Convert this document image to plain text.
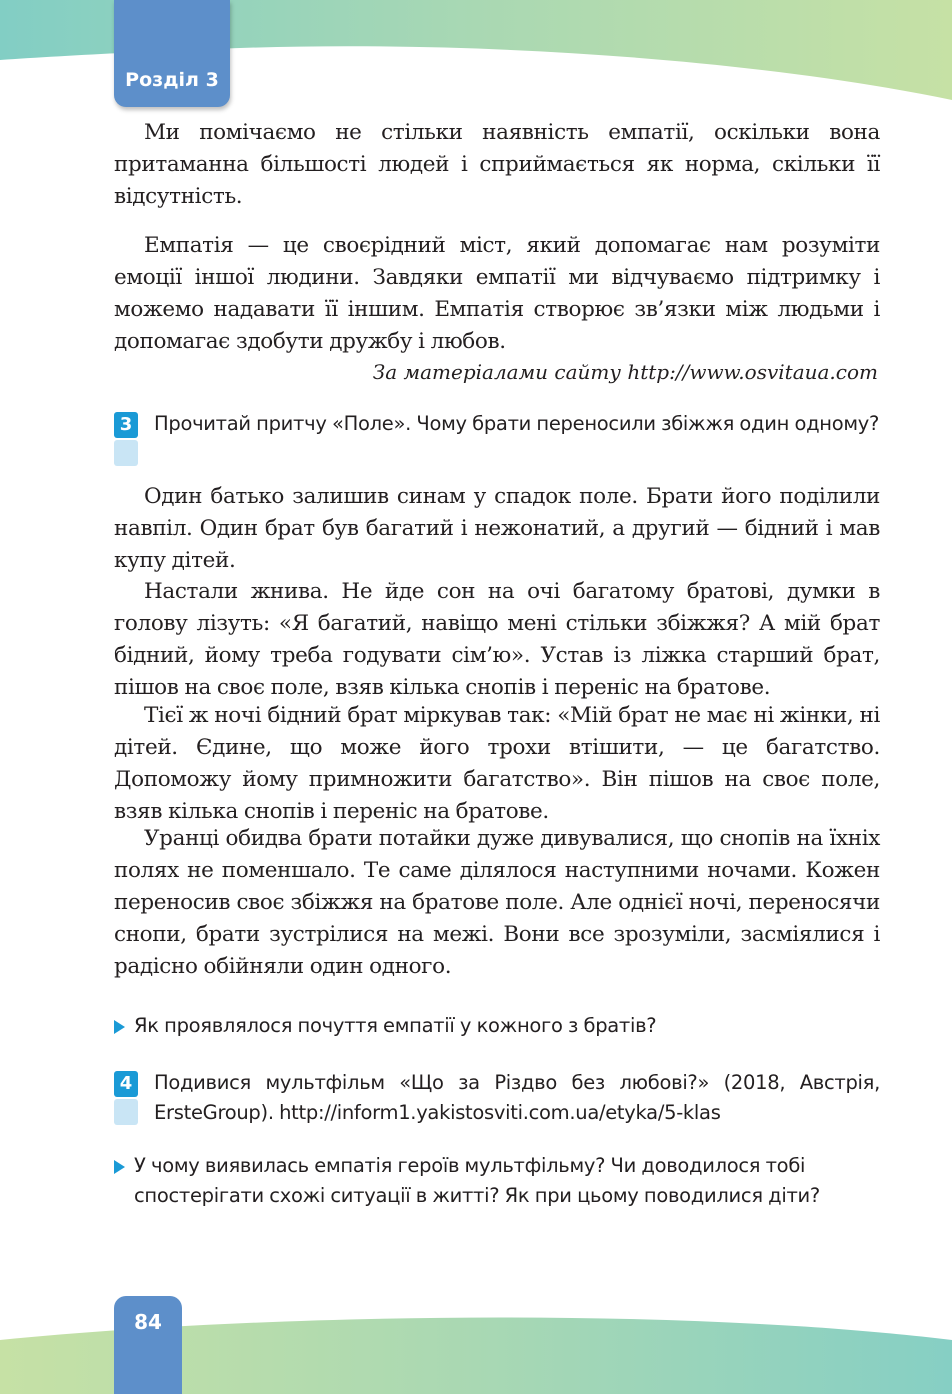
Розділ 3

Ми помічаємо не стільки наявність емпатії, оскільки вона притаманна більшості людей і сприймається як норма, скільки її відсутність.

Емпатія — це своєрідний міст, який допомагає нам розуміти емоції іншої людини. Завдяки емпатії ми відчуваємо підтримку і можемо надавати її іншим. Емпатія створює зв’язки між людьми і допомагає здобути дружбу і любов.

За матеріалами сайту http://www.osvitaua.com
3 Прочитай притчу «Поле». Чому брати переносили збіжжя один одному?

Один батько залишив синам у спадок поле. Брати його поділили навпіл. Один брат був багатий і нежонатий, а другий — бідний і мав купу дітей.

Настали жнива. Не йде сон на очі багатому братові, думки в голову лізуть: «Я багатий, навіщо мені стільки збіжжя? А мій брат бідний, йому треба годувати сім’ю». Устав із ліжка старший брат, пішов на своє поле, взяв кілька снопів і переніс на братове.

Тієї ж ночі бідний брат міркував так: «Мій брат не має ні жінки, ні дітей. Єдине, що може його трохи втішити, — це багатство. Допоможу йому примножити багатство». Він пішов на своє поле, взяв кілька снопів і переніс на братове.

Уранці обидва брати потайки дуже дивувалися, що снопів на їхніх полях не поменшало. Те саме ділялося наступними ночами. Кожен переносив своє збіжжя на братове поле. Але однієї ночі, переносячи снопи, брати зустрілися на межі. Вони все зрозуміли, засміялися і радісно обійняли один одного.

Як проявлялося почуття емпатії у кожного з братів?
4 Подивися мультфільм «Що за Різдво без любові?» (2018, Австрія, ErsteGroup). http://inform1.yakistosviti.com.ua/etyka/5-klas
У чому виявилась емпатія героїв мультфільму? Чи доводилося тобі спостерігати схожі ситуації в житті? Як при цьому поводилися діти?
84
